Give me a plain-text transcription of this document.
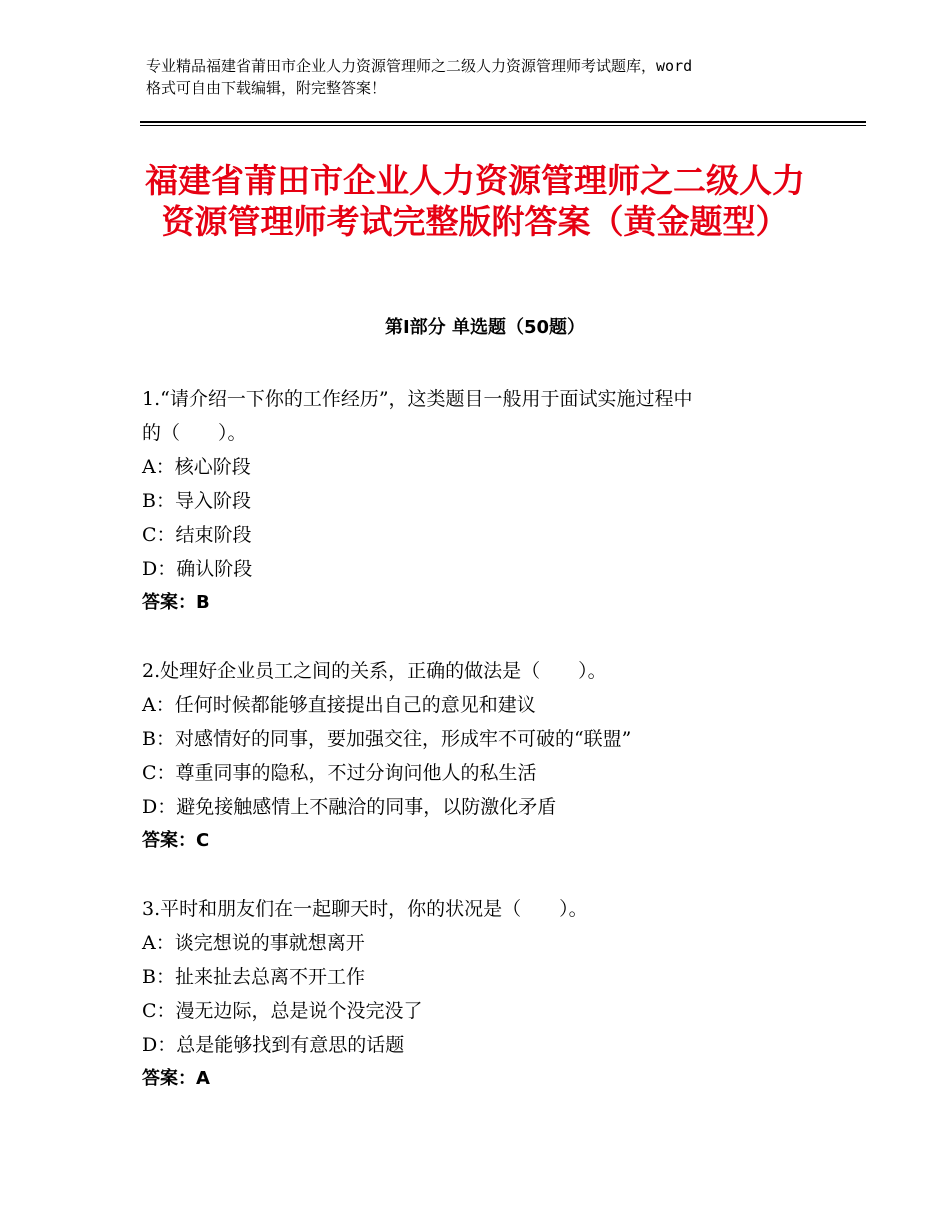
专业精品福建省莆田市企业人力资源管理师之二级人力资源管理师考试题库，word
格式可自由下载编辑，附完整答案！
福建省莆田市企业人力资源管理师之二级人力资源管理师考试完整版附答案（黄金题型）
第Ⅰ部分 单选题（50题）
1.“请介绍一下你的工作经历”，这类题目一般用于面试实施过程中
的（　　）。
A：核心阶段
B：导入阶段
C：结束阶段
D：确认阶段
答案：B
2.处理好企业员工之间的关系，正确的做法是（　　）。
A：任何时候都能够直接提出自己的意见和建议
B：对感情好的同事，要加强交往，形成牢不可破的“联盟”
C：尊重同事的隐私，不过分询问他人的私生活
D：避免接触感情上不融洽的同事，以防激化矛盾
答案：C
3.平时和朋友们在一起聊天时，你的状况是（　　）。
A：谈完想说的事就想离开
B：扯来扯去总离不开工作
C：漫无边际，总是说个没完没了
D：总是能够找到有意思的话题
答案：A
